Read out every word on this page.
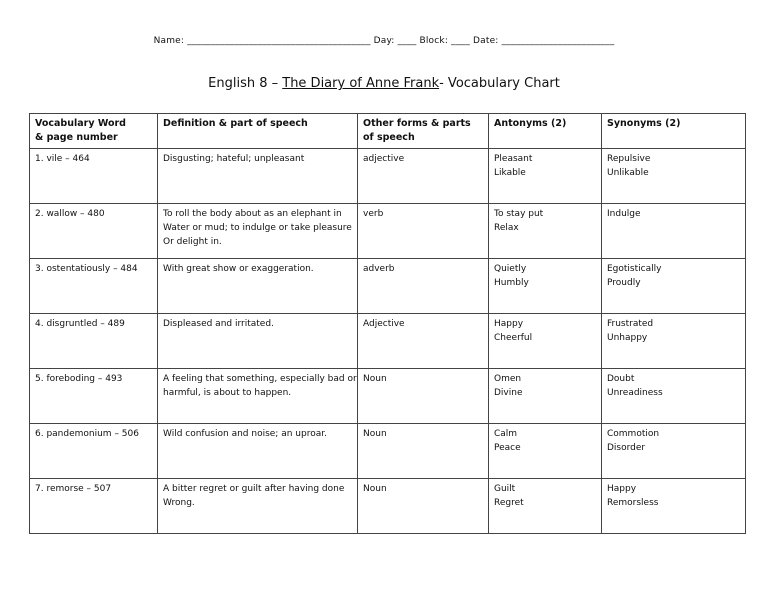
Name: _______________________________________ Day: ____ Block: ____ Date: ________________________
English 8 – The Diary of Anne Frank- Vocabulary Chart
Vocabulary Word
& page number	Definition & part of speech	Other forms & parts
of speech	Antonyms (2)	Synonyms (2)

1. vile – 464	Disgusting; hateful; unpleasant	adjective	Pleasant
Likable	Repulsive
Unlikable

2. wallow – 480	To roll the body about as an elephant in
Water or mud; to indulge or take pleasure
Or delight in.	verb	To stay put
Relax	Indulge

3. ostentatiously – 484	With great show or exaggeration.	adverb	Quietly
Humbly	Egotistically
Proudly

4. disgruntled – 489	Displeased and irritated.	Adjective	Happy
Cheerful	Frustrated
Unhappy

5. foreboding – 493	A feeling that something, especially bad or
harmful, is about to happen.	Noun	Omen
Divine	Doubt
Unreadiness

6. pandemonium – 506	Wild confusion and noise; an uproar.	Noun	Calm
Peace	Commotion
Disorder

7. remorse – 507	A bitter regret or guilt after having done
Wrong.	Noun	Guilt
Regret	Happy
Remorsless
